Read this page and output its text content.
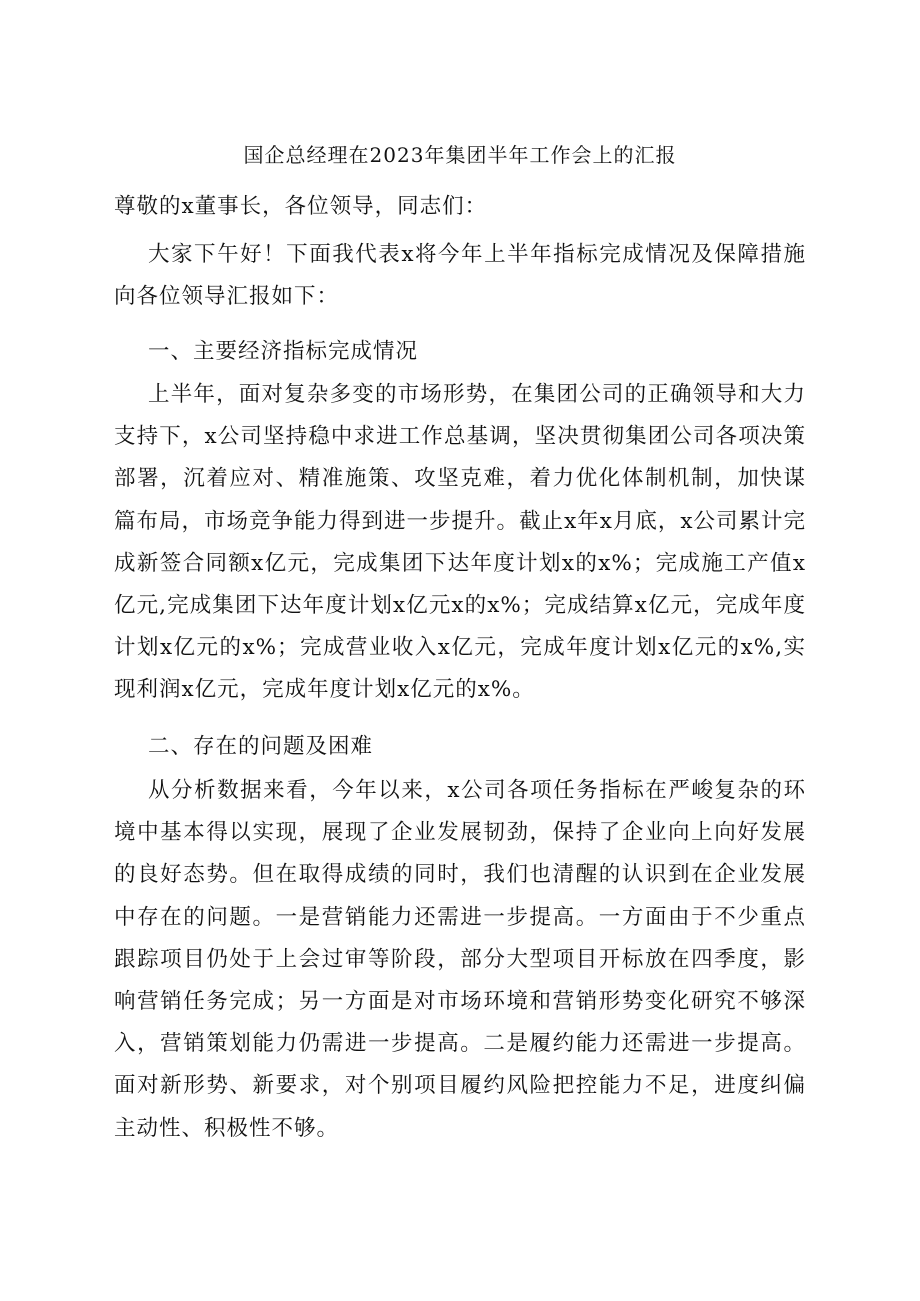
国企总经理在2023年集团半年工作会上的汇报

尊敬的x董事长，各位领导，同志们：

大家下午好！下面我代表x将今年上半年指标完成情况及保障措施向各位领导汇报如下：

一、主要经济指标完成情况

上半年，面对复杂多变的市场形势，在集团公司的正确领导和大力支持下，x公司坚持稳中求进工作总基调，坚决贯彻集团公司各项决策部署，沉着应对、精准施策、攻坚克难，着力优化体制机制，加快谋篇布局，市场竞争能力得到进一步提升。截止x年x月底，x公司累计完成新签合同额x亿元，完成集团下达年度计划x的x%；完成施工产值x亿元,完成集团下达年度计划x亿元x的x%；完成结算x亿元，完成年度计划x亿元的x%；完成营业收入x亿元，完成年度计划x亿元的x%,实现利润x亿元，完成年度计划x亿元的x%。

二、存在的问题及困难

从分析数据来看，今年以来，x公司各项任务指标在严峻复杂的环境中基本得以实现，展现了企业发展韧劲，保持了企业向上向好发展的良好态势。但在取得成绩的同时，我们也清醒的认识到在企业发展中存在的问题。一是营销能力还需进一步提高。一方面由于不少重点跟踪项目仍处于上会过审等阶段，部分大型项目开标放在四季度，影响营销任务完成；另一方面是对市场环境和营销形势变化研究不够深入，营销策划能力仍需进一步提高。二是履约能力还需进一步提高。面对新形势、新要求，对个别项目履约风险把控能力不足，进度纠偏主动性、积极性不够。
